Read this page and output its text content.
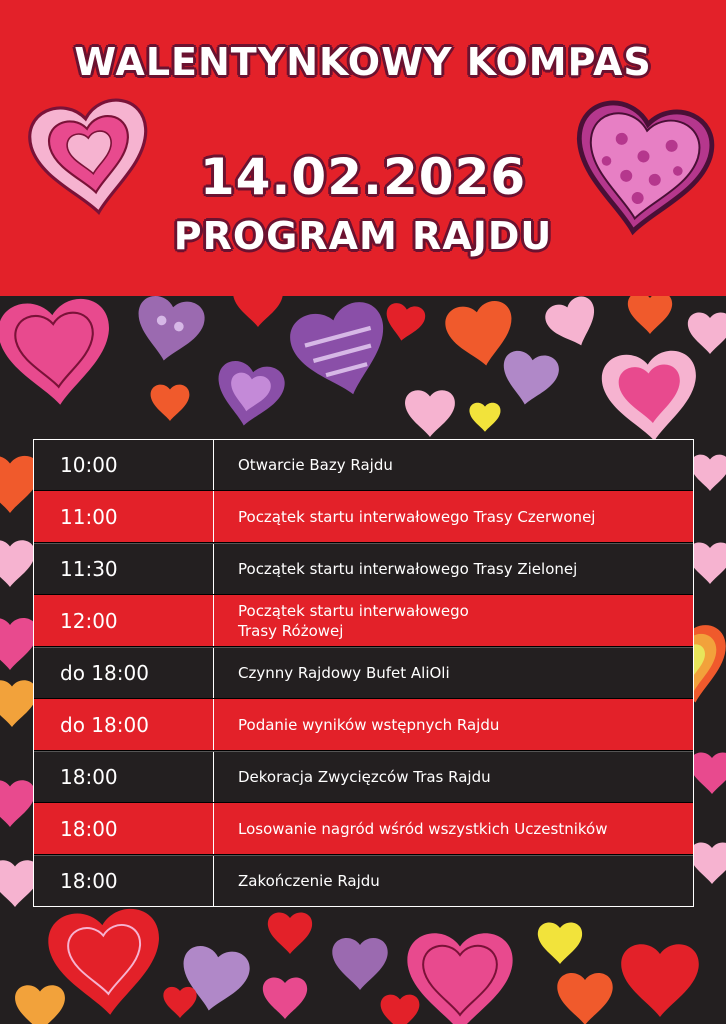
WALENTYNKOWY KOMPAS
14.02.2026
PROGRAM RAJDU
10:00	Otwarcie Bazy Rajdu
11:00	Początek startu interwałowego Trasy Czerwonej
11:30	Początek startu interwałowego Trasy Zielonej
12:00	Początek startu interwałowego
Trasy Różowej
do 18:00	Czynny Rajdowy Bufet AliOli
do 18:00	Podanie wyników wstępnych Rajdu
18:00	Dekoracja Zwycięzców Tras Rajdu
18:00	Losowanie nagród wśród wszystkich Uczestników
18:00	Zakończenie Rajdu
